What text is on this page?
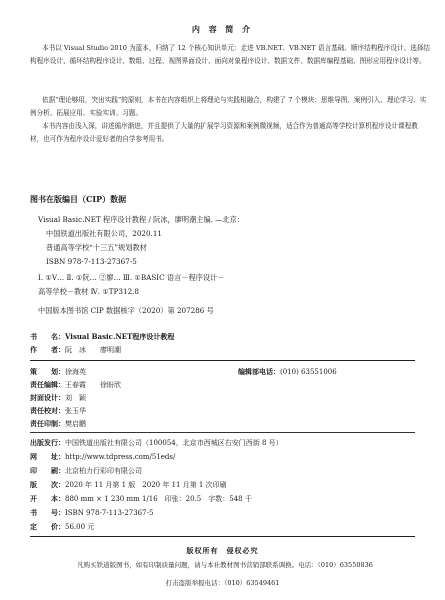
内 容 简 介
本书以 Visual Studio 2010 为蓝本，归纳了 12 个核心知识单元：走进 VB.NET、VB.NET 语言基础、顺序结构程序设计、选择结构程序设计、循环结构程序设计、数组、过程、视图界面设计、面向对象程序设计、数据文件、数据库编程基础、图形应用程序设计等。
依据“理论够用，突出实践”的原则，本书在内容组织上将理论与实践相融合，构建了 7 个模块：思维导图、案例引入、理论学习、实例分析、拓展应用、实验实训、习题。
本书内容由浅入深，讲述循序渐进，并且提供了大量的扩展学习资源和案例微视频，适合作为普通高等学校计算机程序设计课程教材，也可作为程序设计爱好者的自学参考用书。
图书在版编目（CIP）数据
Visual Basic.NET 程序设计教程 / 阮冰，廖明潮主编. —北京：
中国铁道出版社有限公司，2020.11
普通高等学校“十三五”规划教材
ISBN 978-7-113-27367-5
Ⅰ. ①V… Ⅱ. ①阮… ②廖… Ⅲ. ①BASIC 语言－程序设计－
高等学校－教材 Ⅳ. ①TP312.8
中国版本图书馆 CIP 数据核字（2020）第 207286 号
书　　名：Visual Basic.NET程序设计教程
作　　者：阮　冰　　廖明潮
策　　划：徐海英	编辑部电话：(010) 63551006
责任编辑：王春霞　　徐盼欣
封面设计：刘　颖
责任校对：张玉华
责任印制：樊启鹏
出版发行：中国铁道出版社有限公司（100054，北京市西城区右安门西街 8 号）
网　　址：http://www.tdpress.com/51eds/
印　　刷：北京柏力行彩印有限公司
版　　次：2020 年 11 月第 1 版　2020 年 11 月第 1 次印刷
开　　本：880 mm × 1 230 mm 1/16　印张：20.5　字数：548 千
书　　号：ISBN 978-7-113-27367-5
定　　价：56.00 元
版权所有　侵权必究
凡购买铁道版图书，如有印制质量问题，请与本社教材图书营销部联系调换。电话：（010）63550836
打击盗版举报电话：（010）63549461
